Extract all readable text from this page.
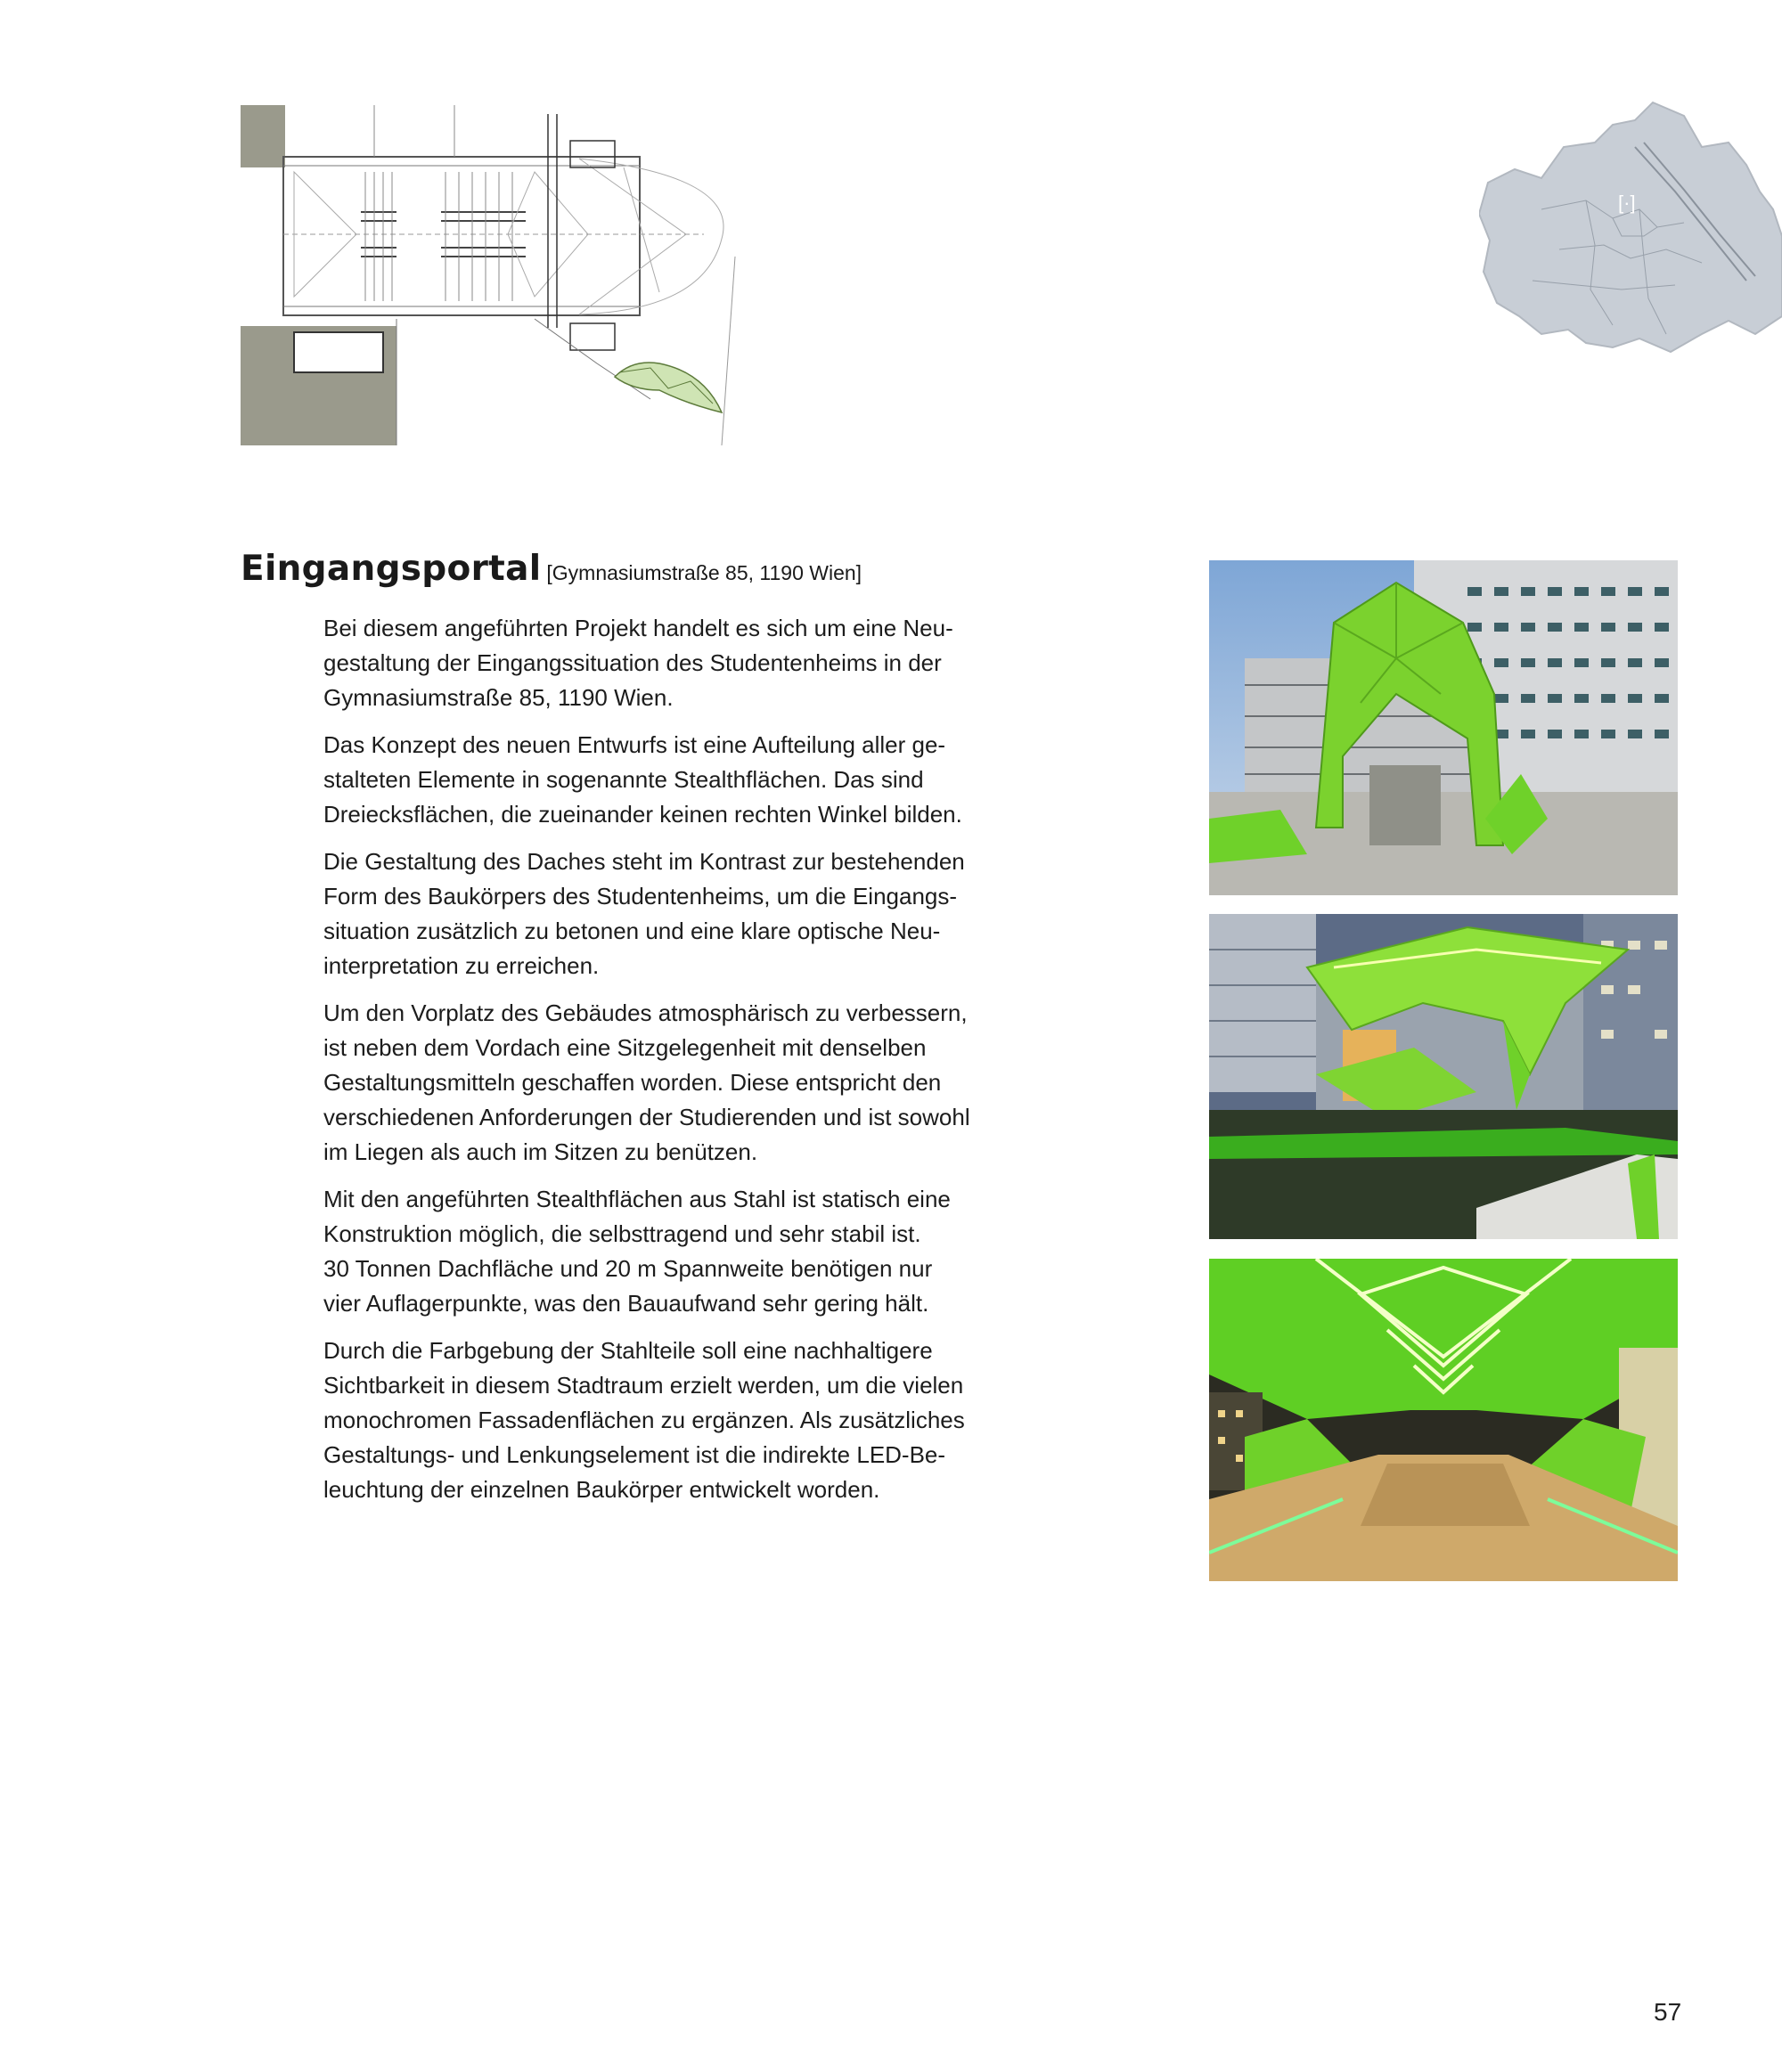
[·]
Eingangsportal [Gymnasiumstraße 85, 1190 Wien]

Bei diesem angeführten Projekt handelt es sich um eine Neu-
gestaltung der Eingangssituation des Studentenheims in der
Gymnasiumstraße 85, 1190 Wien.

Das Konzept des neuen Entwurfs ist eine Aufteilung aller ge-
stalteten Elemente in sogenannte Stealthflächen. Das sind
Dreiecksflächen, die zueinander keinen rechten Winkel bilden.

Die Gestaltung des Daches steht im Kontrast zur bestehenden
Form des Baukörpers des Studentenheims, um die Eingangs-
situation zusätzlich zu betonen und eine klare optische Neu-
interpretation zu erreichen.

Um den Vorplatz des Gebäudes atmosphärisch zu verbessern,
ist neben dem Vordach eine Sitzgelegenheit mit denselben
Gestaltungsmitteln geschaffen worden. Diese entspricht den
verschiedenen Anforderungen der Studierenden und ist sowohl
im Liegen als auch im Sitzen zu benützen.

Mit den angeführten Stealthflächen aus Stahl ist statisch eine
Konstruktion möglich, die selbsttragend und sehr stabil ist.
30 Tonnen Dachfläche und 20 m Spannweite benötigen nur
vier Auflagerpunkte, was den Bauaufwand sehr gering hält.

Durch die Farbgebung der Stahlteile soll eine nachhaltigere
Sichtbarkeit in diesem Stadtraum erzielt werden, um die vielen
monochromen Fassadenflächen zu ergänzen. Als zusätzliches
Gestaltungs- und Lenkungselement ist die indirekte LED-Be-
leuchtung der einzelnen Baukörper entwickelt worden.

57
